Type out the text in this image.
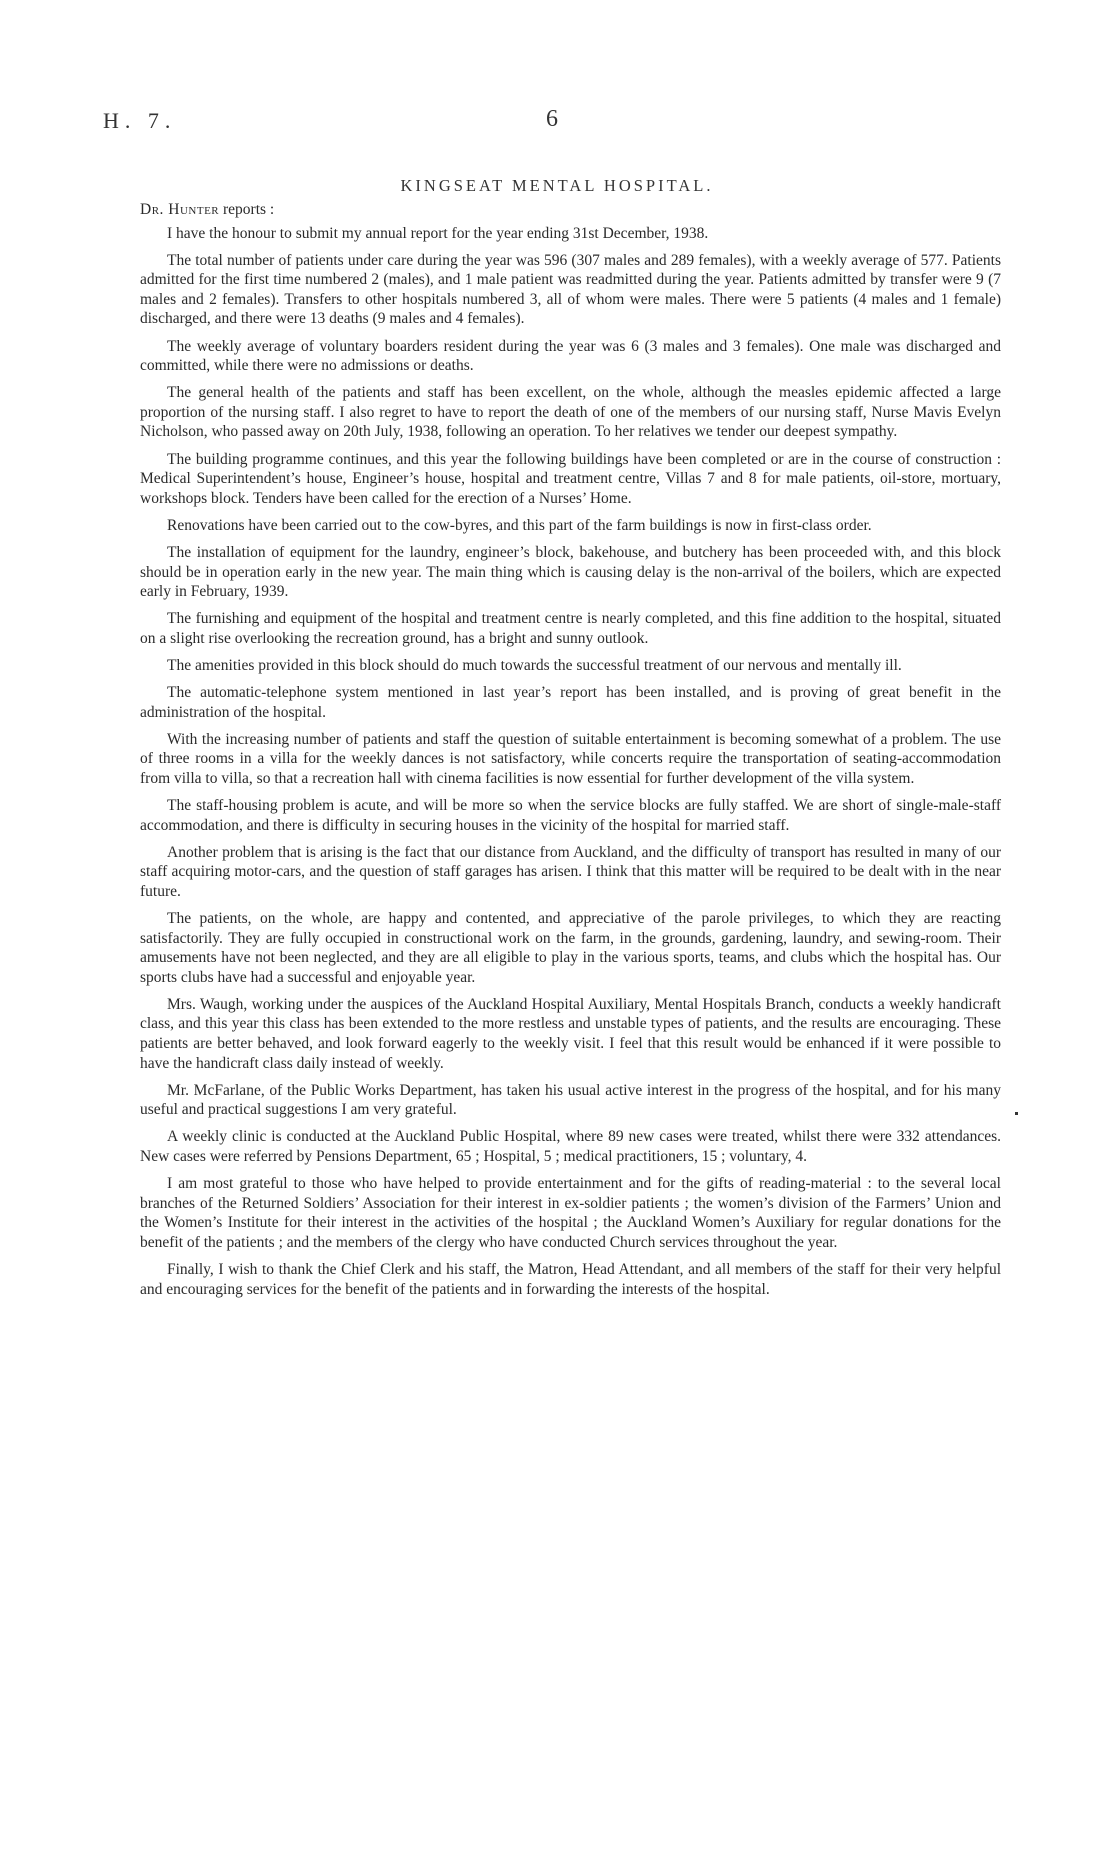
H. 7.	6
KINGSEAT MENTAL HOSPITAL.

Dr. Hunter reports :

I have the honour to submit my annual report for the year ending 31st December, 1938.

The total number of patients under care during the year was 596 (307 males and 289 females), with a weekly average of 577. Patients admitted for the first time numbered 2 (males), and 1 male patient was readmitted during the year. Patients admitted by transfer were 9 (7 males and 2 females). Transfers to other hospitals numbered 3, all of whom were males. There were 5 patients (4 males and 1 female) discharged, and there were 13 deaths (9 males and 4 females).

The weekly average of voluntary boarders resident during the year was 6 (3 males and 3 females). One male was discharged and committed, while there were no admissions or deaths.

The general health of the patients and staff has been excellent, on the whole, although the measles epidemic affected a large proportion of the nursing staff. I also regret to have to report the death of one of the members of our nursing staff, Nurse Mavis Evelyn Nicholson, who passed away on 20th July, 1938, following an operation. To her relatives we tender our deepest sympathy.

The building programme continues, and this year the following buildings have been completed or are in the course of construction : Medical Superintendent’s house, Engineer’s house, hospital and treatment centre, Villas 7 and 8 for male patients, oil-store, mortuary, workshops block. Tenders have been called for the erection of a Nurses’ Home.

Renovations have been carried out to the cow-byres, and this part of the farm buildings is now in first-class order.

The installation of equipment for the laundry, engineer’s block, bakehouse, and butchery has been proceeded with, and this block should be in operation early in the new year. The main thing which is causing delay is the non-arrival of the boilers, which are expected early in February, 1939.

The furnishing and equipment of the hospital and treatment centre is nearly completed, and this fine addition to the hospital, situated on a slight rise overlooking the recreation ground, has a bright and sunny outlook.

The amenities provided in this block should do much towards the successful treatment of our nervous and mentally ill.

The automatic-telephone system mentioned in last year’s report has been installed, and is proving of great benefit in the administration of the hospital.

With the increasing number of patients and staff the question of suitable entertainment is becoming somewhat of a problem. The use of three rooms in a villa for the weekly dances is not satisfactory, while concerts require the transportation of seating-accommodation from villa to villa, so that a recreation hall with cinema facilities is now essential for further development of the villa system.

The staff-housing problem is acute, and will be more so when the service blocks are fully staffed. We are short of single-male-staff accommodation, and there is difficulty in securing houses in the vicinity of the hospital for married staff.

Another problem that is arising is the fact that our distance from Auckland, and the difficulty of transport has resulted in many of our staff acquiring motor-cars, and the question of staff garages has arisen. I think that this matter will be required to be dealt with in the near future.

The patients, on the whole, are happy and contented, and appreciative of the parole privileges, to which they are reacting satisfactorily. They are fully occupied in constructional work on the farm, in the grounds, gardening, laundry, and sewing-room. Their amusements have not been neglected, and they are all eligible to play in the various sports, teams, and clubs which the hospital has. Our sports clubs have had a successful and enjoyable year.

Mrs. Waugh, working under the auspices of the Auckland Hospital Auxiliary, Mental Hospitals Branch, conducts a weekly handicraft class, and this year this class has been extended to the more restless and unstable types of patients, and the results are encouraging. These patients are better behaved, and look forward eagerly to the weekly visit. I feel that this result would be enhanced if it were possible to have the handicraft class daily instead of weekly.

Mr. McFarlane, of the Public Works Department, has taken his usual active interest in the progress of the hospital, and for his many useful and practical suggestions I am very grateful.

A weekly clinic is conducted at the Auckland Public Hospital, where 89 new cases were treated, whilst there were 332 attendances. New cases were referred by Pensions Department, 65 ; Hospital, 5 ; medical practitioners, 15 ; voluntary, 4.

I am most grateful to those who have helped to provide entertainment and for the gifts of reading-material : to the several local branches of the Returned Soldiers’ Association for their interest in ex-soldier patients ; the women’s division of the Farmers’ Union and the Women’s Institute for their interest in the activities of the hospital ; the Auckland Women’s Auxiliary for regular donations for the benefit of the patients ; and the members of the clergy who have conducted Church services throughout the year.

Finally, I wish to thank the Chief Clerk and his staff, the Matron, Head Attendant, and all members of the staff for their very helpful and encouraging services for the benefit of the patients and in forwarding the interests of the hospital.
